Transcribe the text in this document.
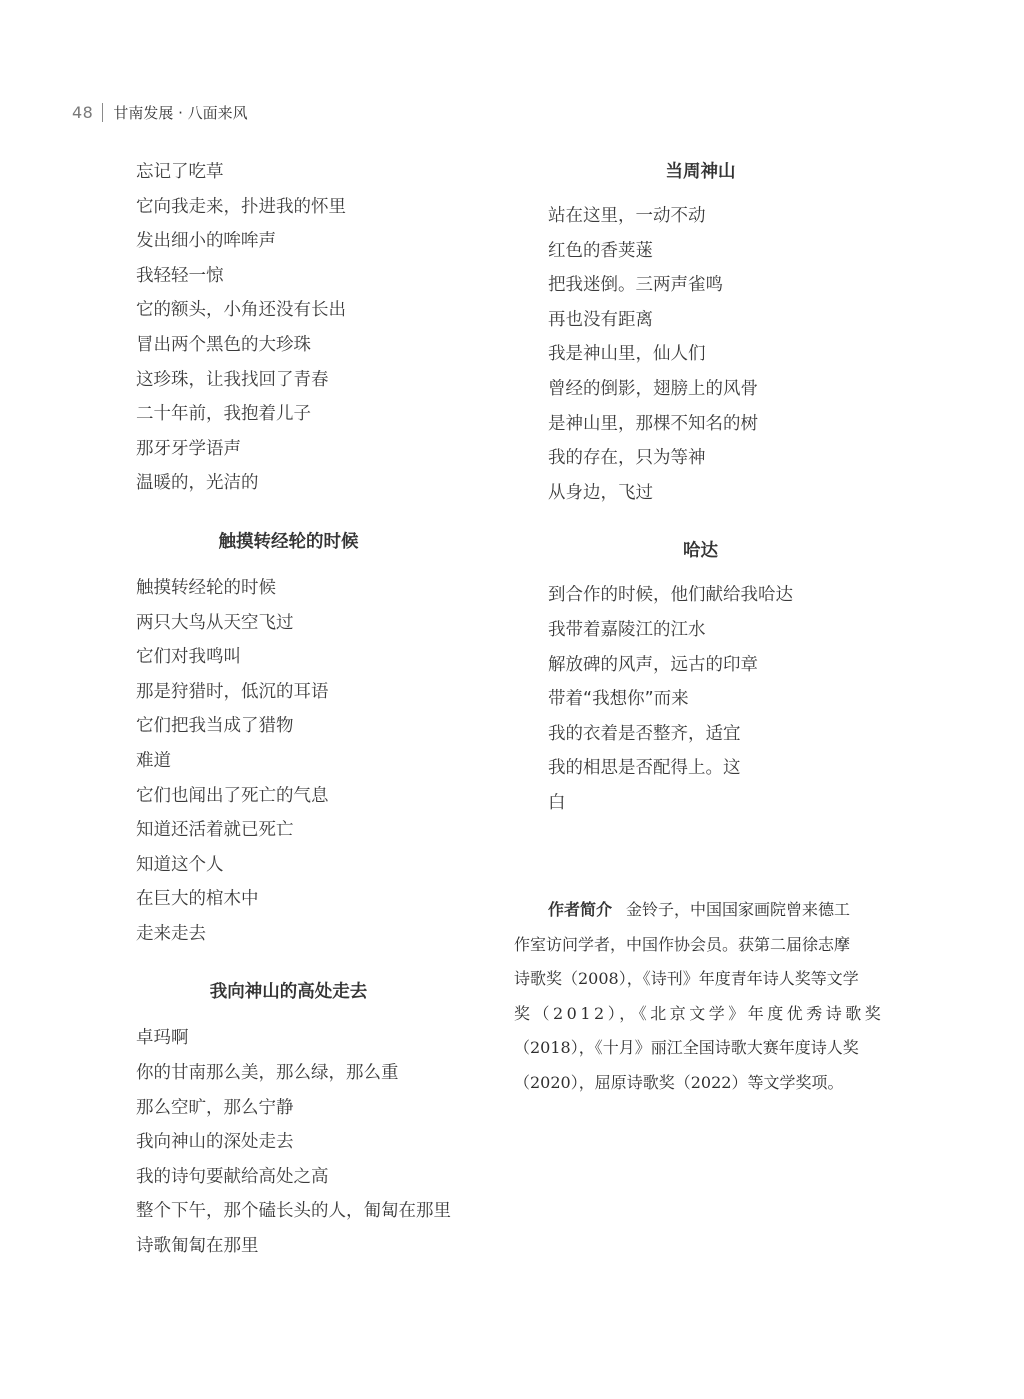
48 甘南发展 · 八面来风
忘记了吃草
它向我走来，扑进我的怀里
发出细小的哞哞声
我轻轻一惊
它的额头，小角还没有长出
冒出两个黑色的大珍珠
这珍珠，让我找回了青春
二十年前，我抱着儿子
那牙牙学语声
温暖的，光洁的
触摸转经轮的时候
触摸转经轮的时候
两只大鸟从天空飞过
它们对我鸣叫
那是狩猎时，低沉的耳语
它们把我当成了猎物
难道
它们也闻出了死亡的气息
知道还活着就已死亡
知道这个人
在巨大的棺木中
走来走去
我向神山的高处走去
卓玛啊
你的甘南那么美，那么绿，那么重
那么空旷，那么宁静
我向神山的深处走去
我的诗句要献给高处之高
整个下午，那个磕长头的人，匍匐在那里
诗歌匍匐在那里
当周神山
站在这里，一动不动
红色的香荚蒾
把我迷倒。三两声雀鸣
再也没有距离
我是神山里，仙人们
曾经的倒影，翅膀上的风骨
是神山里，那棵不知名的树
我的存在，只为等神
从身边，飞过
哈达
到合作的时候，他们献给我哈达
我带着嘉陵江的江水
解放碑的风声，远古的印章
带着“我想你”而来
我的衣着是否整齐，适宜
我的相思是否配得上。这
白
作者简介 金铃子，中国国家画院曾来德工
作室访问学者，中国作协会员。获第二届徐志摩
诗歌奖（2008），《诗刊》年度青年诗人奖等文学
奖（2012），《北京文学》年度优秀诗歌奖
（2018），《十月》丽江全国诗歌大赛年度诗人奖
（2020），屈原诗歌奖（2022）等文学奖项。
